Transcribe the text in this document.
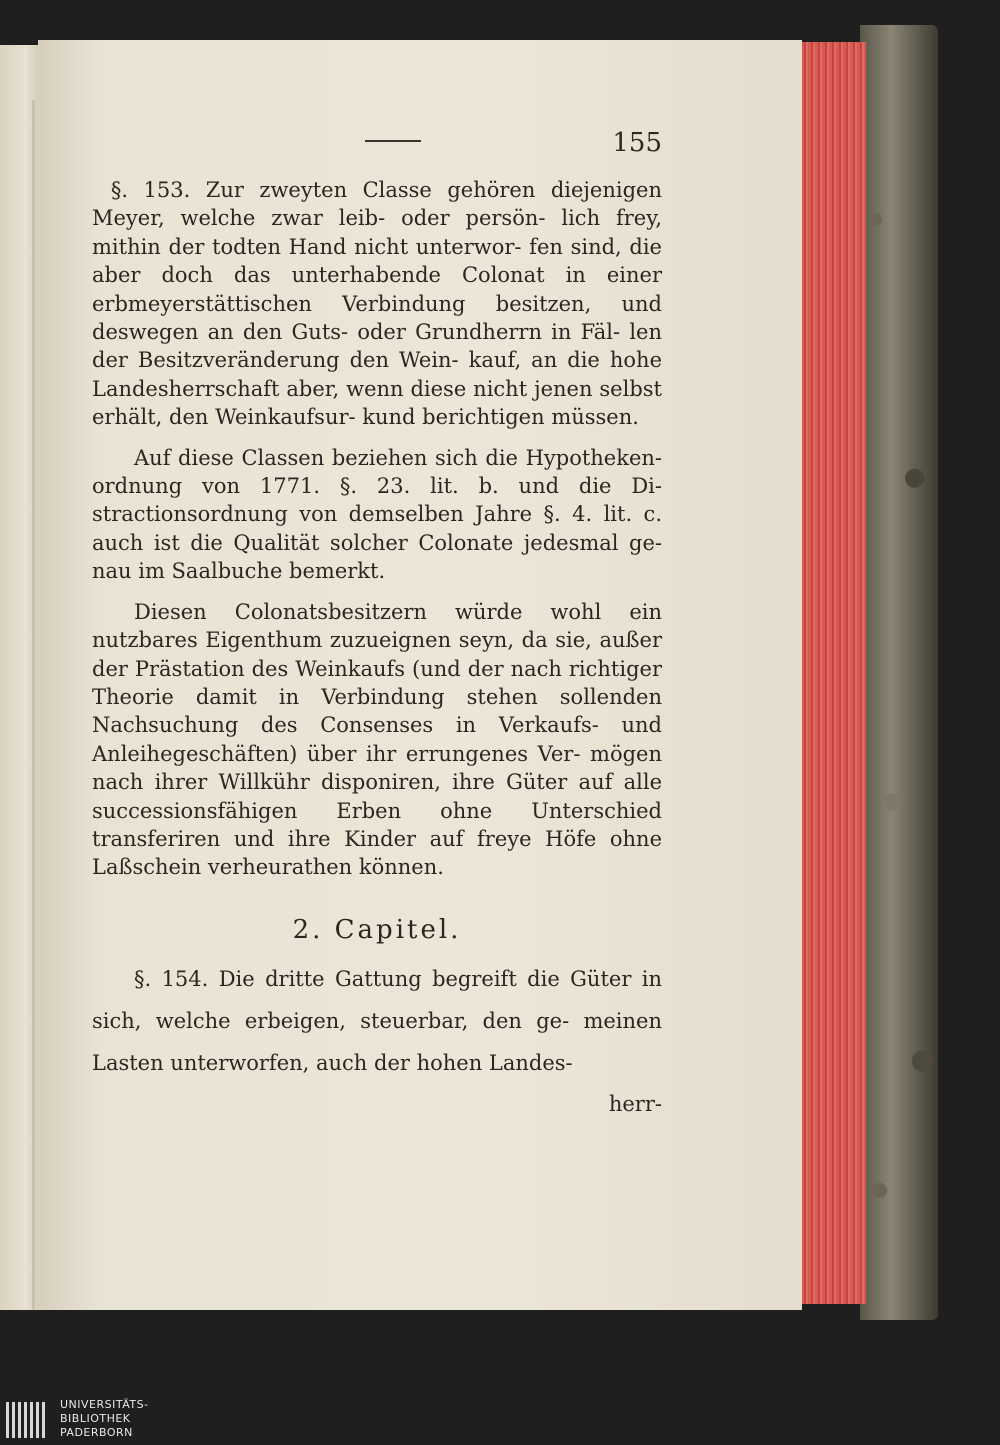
155

§. 153. Zur zweyten Classe gehören diejenigen Meyer, welche zwar leib- oder persön- lich frey, mithin der todten Hand nicht unterwor- fen sind, die aber doch das unterhabende Colonat in einer erbmeyerstättischen Verbindung besitzen, und deswegen an den Guts- oder Grundherrn in Fäl- len der Besitzveränderung den Wein- kauf, an die hohe Landesherrschaft aber, wenn diese nicht jenen selbst erhält, den Weinkaufsur- kund berichtigen müssen.

Auf diese Classen beziehen sich die Hypotheken- ordnung von 1771. §. 23. lit. b. und die Di- stractionsordnung von demselben Jahre §. 4. lit. c. auch ist die Qualität solcher Colonate jedesmal ge- nau im Saalbuche bemerkt.

Diesen Colonatsbesitzern würde wohl ein nutzbares Eigenthum zuzueignen seyn, da sie, außer der Prästation des Weinkaufs (und der nach richtiger Theorie damit in Verbindung stehen sollenden Nachsuchung des Consenses in Verkaufs- und Anleihegeschäften) über ihr errungenes Ver- mögen nach ihrer Willkühr disponiren, ihre Güter auf alle successionsfähigen Erben ohne Unterschied transferiren und ihre Kinder auf freye Höfe ohne Laßschein verheurathen können.

2. Capitel.

§. 154. Die dritte Gattung begreift die Güter in sich, welche erbeigen, steuerbar, den ge- meinen Lasten unterworfen, auch der hohen Landes-

herr-
UNIVERSITÄTS-
BIBLIOTHEK
PADERBORN
